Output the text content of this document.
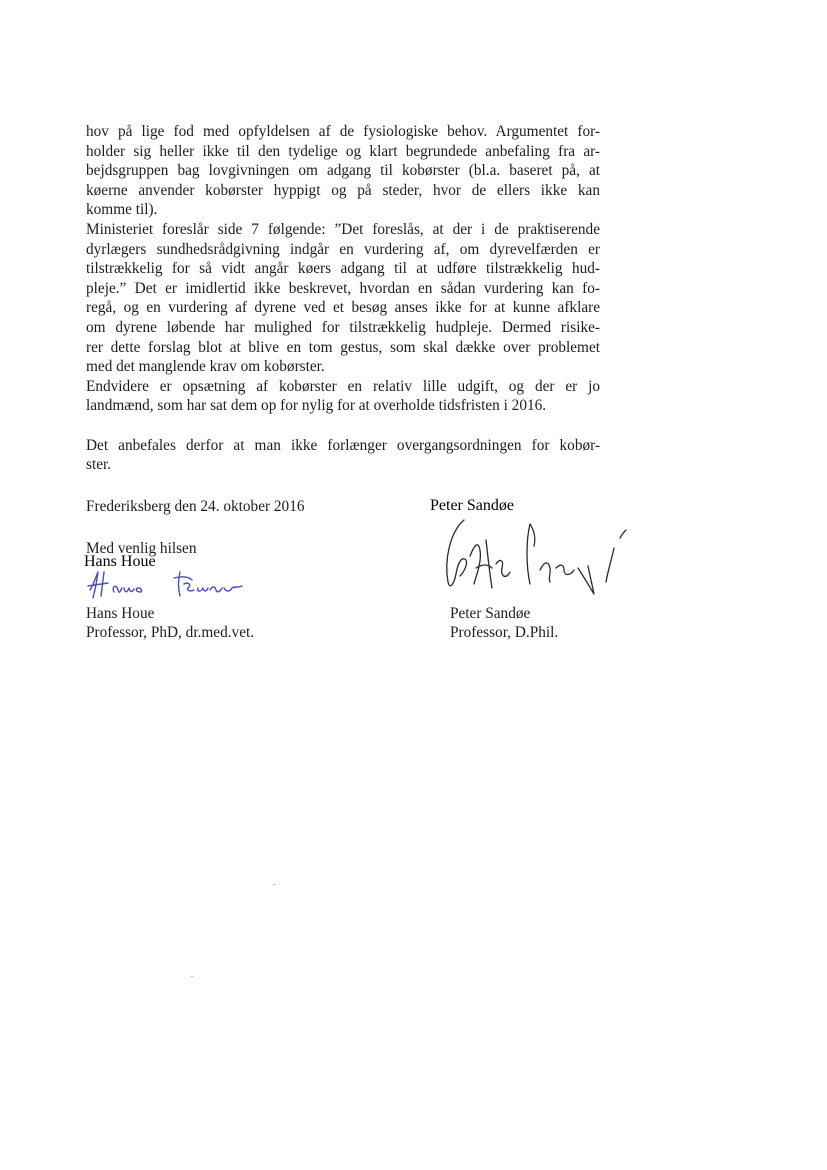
hov på lige fod med opfyldelsen af de fysiologiske behov. Argumentet for-
holder sig heller ikke til den tydelige og klart begrundede anbefaling fra ar-
bejdsgruppen bag lovgivningen om adgang til kobørster (bl.a. baseret på, at
køerne anvender kobørster hyppigt og på steder, hvor de ellers ikke kan
komme til).
Ministeriet foreslår side 7 følgende: ”Det foreslås, at der i de praktiserende
dyrlægers sundhedsrådgivning indgår en vurdering af, om dyrevelfærden er
tilstrækkelig for så vidt angår køers adgang til at udføre tilstrækkelig hud-
pleje.” Det er imidlertid ikke beskrevet, hvordan en sådan vurdering kan fo-
regå, og en vurdering af dyrene ved et besøg anses ikke for at kunne afklare
om dyrene løbende har mulighed for tilstrækkelig hudpleje. Dermed risike-
rer dette forslag blot at blive en tom gestus, som skal dække over problemet
med det manglende krav om kobørster.
Endvidere er opsætning af kobørster en relativ lille udgift, og der er jo
landmænd, som har sat dem op for nylig for at overholde tidsfristen i 2016.
Det anbefales derfor at man ikke forlænger overgangsordningen for kobør-
ster.
Frederiksberg den 24. oktober 2016
Med venlig hilsen
Hans Houe
Peter Sandøe
Hans Houe
Professor, PhD, dr.med.vet.
Peter Sandøe
Professor, D.Phil.
